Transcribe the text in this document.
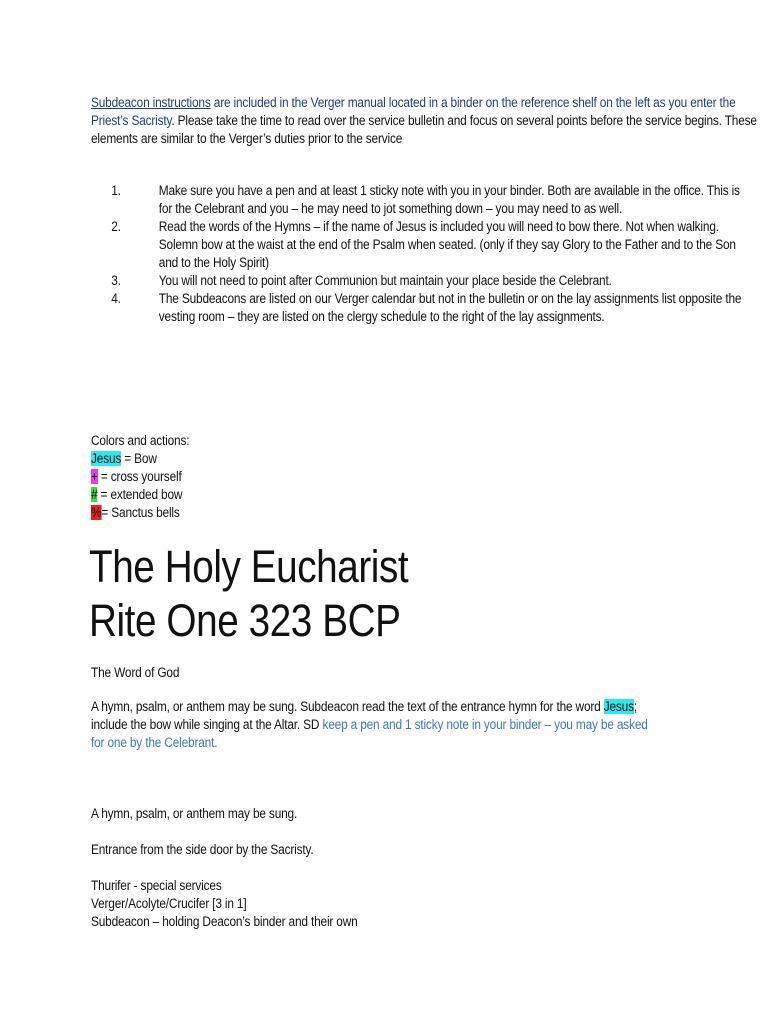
Subdeacon instructions are included in the Verger manual located in a binder on the reference shelf on the left as you enter the Priest’s Sacristy. Please take the time to read over the service bulletin and focus on several points before the service begins. These elements are similar to the Verger’s duties prior to the service

1.	Make sure you have a pen and at least 1 sticky note with you in your binder. Both are available in the office. This is for the Celebrant and you – he may need to jot something down – you may need to as well.
2.	Read the words of the Hymns – if the name of Jesus is included you will need to bow there. Not when walking. Solemn bow at the waist at the end of the Psalm when seated. (only if they say Glory to the Father and to the Son and to the Holy Spirit)
3.	You will not need to point after Communion but maintain your place beside the Celebrant.
4.	The Subdeacons are listed on our Verger calendar but not in the bulletin or on the lay assignments list opposite the vesting room – they are listed on the clergy schedule to the right of the lay assignments.
Colors and actions:
Jesus = Bow
+ = cross yourself
# = extended bow
%= Sanctus bells
The Holy Eucharist
Rite One 323 BCP
The Word of God

A hymn, psalm, or anthem may be sung. Subdeacon read the text of the entrance hymn for the word Jesus; include the bow while singing at the Altar. SD keep a pen and 1 sticky note in your binder – you may be asked for one by the Celebrant.

A hymn, psalm, or anthem may be sung.
Entrance from the side door by the Sacristy.
Thurifer - special services
Verger/Acolyte/Crucifer [3 in 1]
Subdeacon – holding Deacon’s binder and their own
